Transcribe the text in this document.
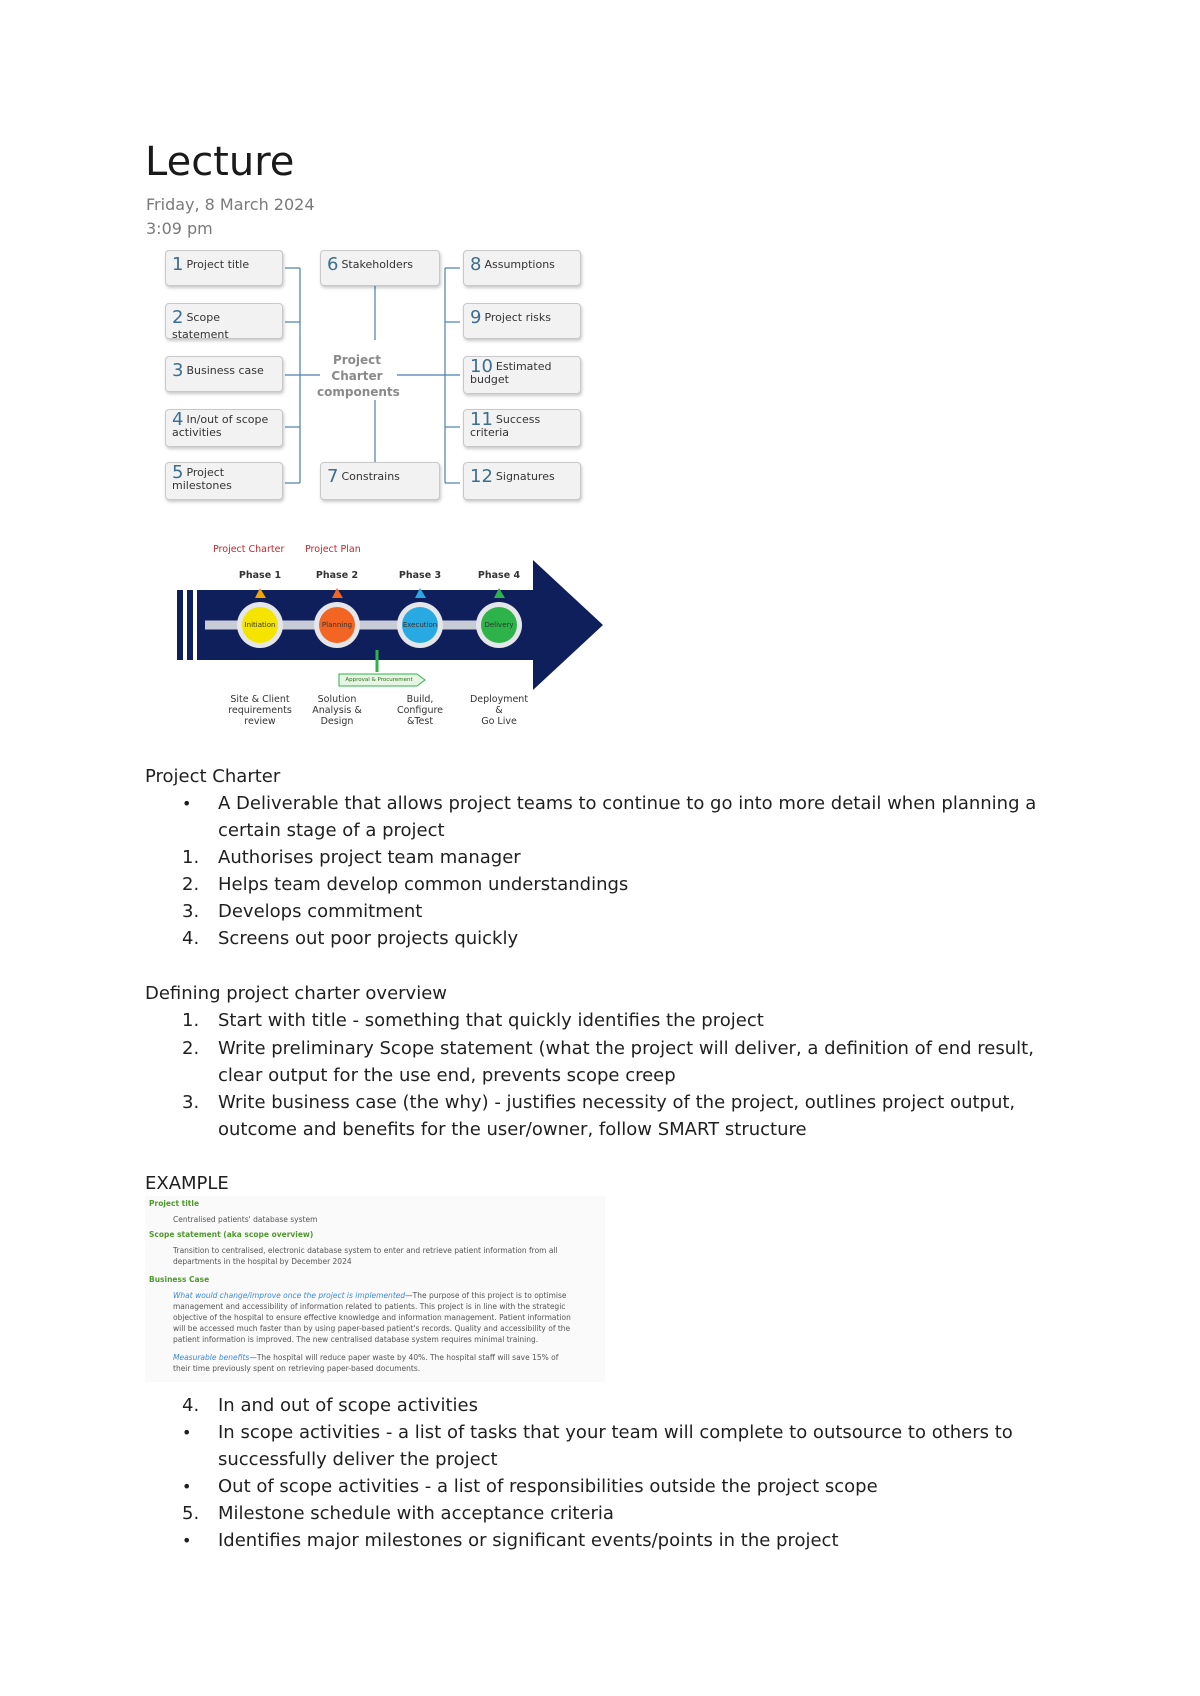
Lecture
Friday, 8 March 2024
3:09 pm
Project
Charter
components
1 Project title
2 Scope statement
3 Business case
4 In/out of scope activities
5 Project milestones
6 Stakeholders
7 Constrains
8 Assumptions
9 Project risks
10 Estimated budget
11 Success criteria
12 Signatures
Project Charter Project Plan
Phase 1	Phase 2	Phase 3	Phase 4
Initiation	Planning	Execution	Delivery
Approval & Procurement
Site & Client
requirements
review
Solution
Analysis &
Design
Build,
Configure
&Test
Deployment
&
Go Live
Project Charter
•	A Deliverable that allows project teams to continue to go into more detail when planning a
certain stage of a project
1.	Authorises project team manager
2.	Helps team develop common understandings
3.	Develops commitment
4.	Screens out poor projects quickly
Defining project charter overview
1.	Start with title - something that quickly identifies the project
2.	Write preliminary Scope statement (what the project will deliver, a definition of end result,
clear output for the use end, prevents scope creep
3.	Write business case (the why) - justifies necessity of the project, outlines project output,
outcome and benefits for the user/owner, follow SMART structure
EXAMPLE
Project title
Centralised patients' database system
Scope statement (aka scope overview)
Transition to centralised, electronic database system to enter and retrieve patient information from all
departments in the hospital by December 2024
Business Case
What would change/improve once the project is implemented—The purpose of this project is to optimise
management and accessibility of information related to patients. This project is in line with the strategic
objective of the hospital to ensure effective knowledge and information management. Patient information
will be accessed much faster than by using paper-based patient's records. Quality and accessibility of the
patient information is improved. The new centralised database system requires minimal training.
Measurable benefits—The hospital will reduce paper waste by 40%. The hospital staff will save 15% of
their time previously spent on retrieving paper-based documents.
4.	In and out of scope activities
•	In scope activities - a list of tasks that your team will complete to outsource to others to
successfully deliver the project
•	Out of scope activities - a list of responsibilities outside the project scope
5.	Milestone schedule with acceptance criteria
•	Identifies major milestones or significant events/points in the project
